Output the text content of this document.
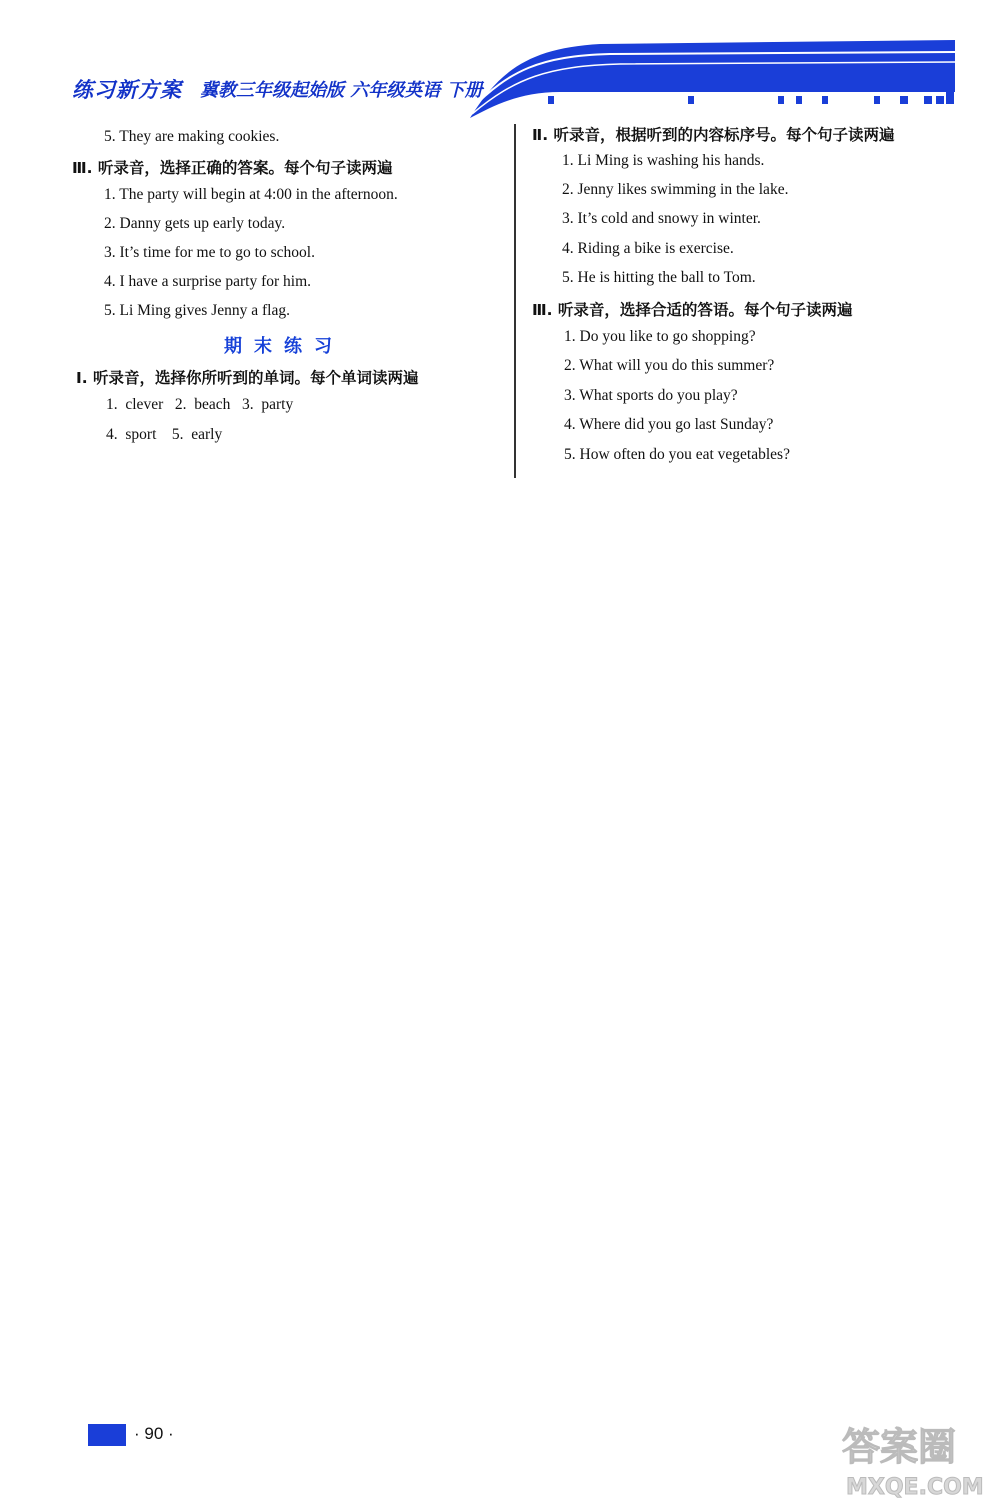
练习新方案 冀教三年级起始版 六年级英语 下册
5. They are making cookies.
Ⅲ. 听录音，选择正确的答案。每个句子读两遍
1. The party will begin at 4:00 in the afternoon.
2. Danny gets up early today.
3. It’s time for me to go to school.
4. I have a surprise party for him.
5. Li Ming gives Jenny a flag.
期末练习
Ⅰ. 听录音，选择你所听到的单词。每个单词读两遍
1.  clever   2.  beach   3.  party
4.  sport    5.  early
Ⅱ. 听录音，根据听到的内容标序号。每个句子读两遍
1. Li Ming is washing his hands.
2. Jenny likes swimming in the lake.
3. It’s cold and snowy in winter.
4. Riding a bike is exercise.
5. He is hitting the ball to Tom.
Ⅲ. 听录音，选择合适的答语。每个句子读两遍
1. Do you like to go shopping?
2. What will you do this summer?
3. What sports do you play?
4. Where did you go last Sunday?
5. How often do you eat vegetables?
· 90 ·	答案圈
MXQE.COM
